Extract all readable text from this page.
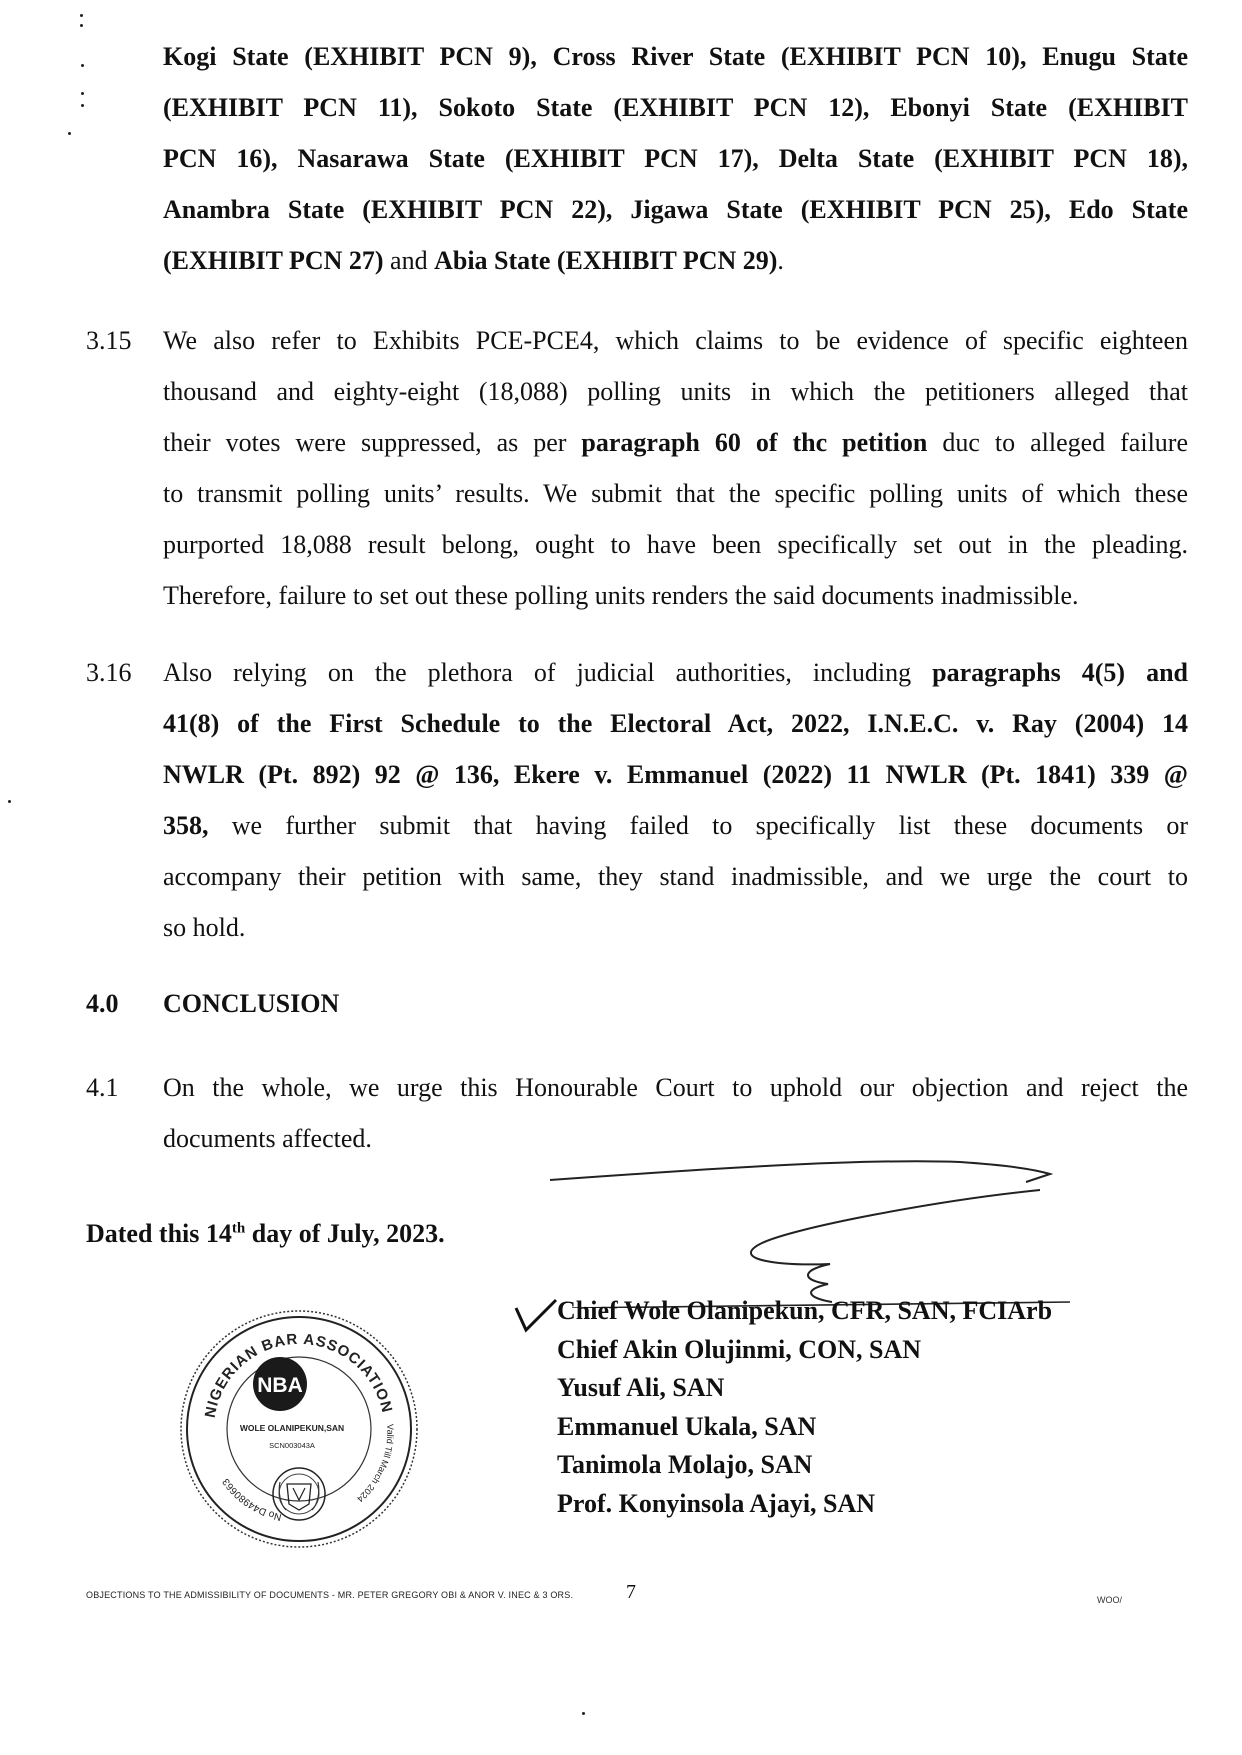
Kogi State (EXHIBIT PCN 9), Cross River State (EXHIBIT PCN 10), Enugu State
(EXHIBIT PCN 11), Sokoto State (EXHIBIT PCN 12), Ebonyi State (EXHIBIT
PCN 16), Nasarawa State (EXHIBIT PCN 17), Delta State (EXHIBIT PCN 18),
Anambra State (EXHIBIT PCN 22), Jigawa State (EXHIBIT PCN 25), Edo State
(EXHIBIT PCN 27) and Abia State (EXHIBIT PCN 29).
3.15 We also refer to Exhibits PCE-PCE4, which claims to be evidence of specific eighteen
thousand and eighty-eight (18,088) polling units in which the petitioners alleged that
their votes were suppressed, as per paragraph 60 of thc petition duc to alleged failure
to transmit polling units’ results. We submit that the specific polling units of which these
purported 18,088 result belong, ought to have been specifically set out in the pleading.
Therefore, failure to set out these polling units renders the said documents inadmissible.
3.16 Also relying on the plethora of judicial authorities, including paragraphs 4(5) and
41(8) of the First Schedule to the Electoral Act, 2022, I.N.E.C. v. Ray (2004) 14
NWLR (Pt. 892) 92 @ 136, Ekere v. Emmanuel (2022) 11 NWLR (Pt. 1841) 339 @
358, we further submit that having failed to specifically list these documents or
accompany their petition with same, they stand inadmissible, and we urge the court to
so hold.
4.0 CONCLUSION
4.1 On the whole, we urge this Honourable Court to uphold our objection and reject the
documents affected.
Dated this 14th day of July, 2023.
Chief Wole Olanipekun, CFR, SAN, FCIArb
Chief Akin Olujinmi, CON, SAN
Yusuf Ali, SAN
Emmanuel Ukala, SAN
Tanimola Molajo, SAN
Prof. Konyinsola Ajayi, SAN
NIGERIAN BAR ASSOCIATION
No D44980663
Valid Till March 2024
NBA
WOLE OLANIPEKUN,SAN
SCN003043A
OBJECTIONS TO THE ADMISSIBILITY OF DOCUMENTS - MR. PETER GREGORY OBI & ANOR V. INEC & 3 ORS.	7	WOO/
